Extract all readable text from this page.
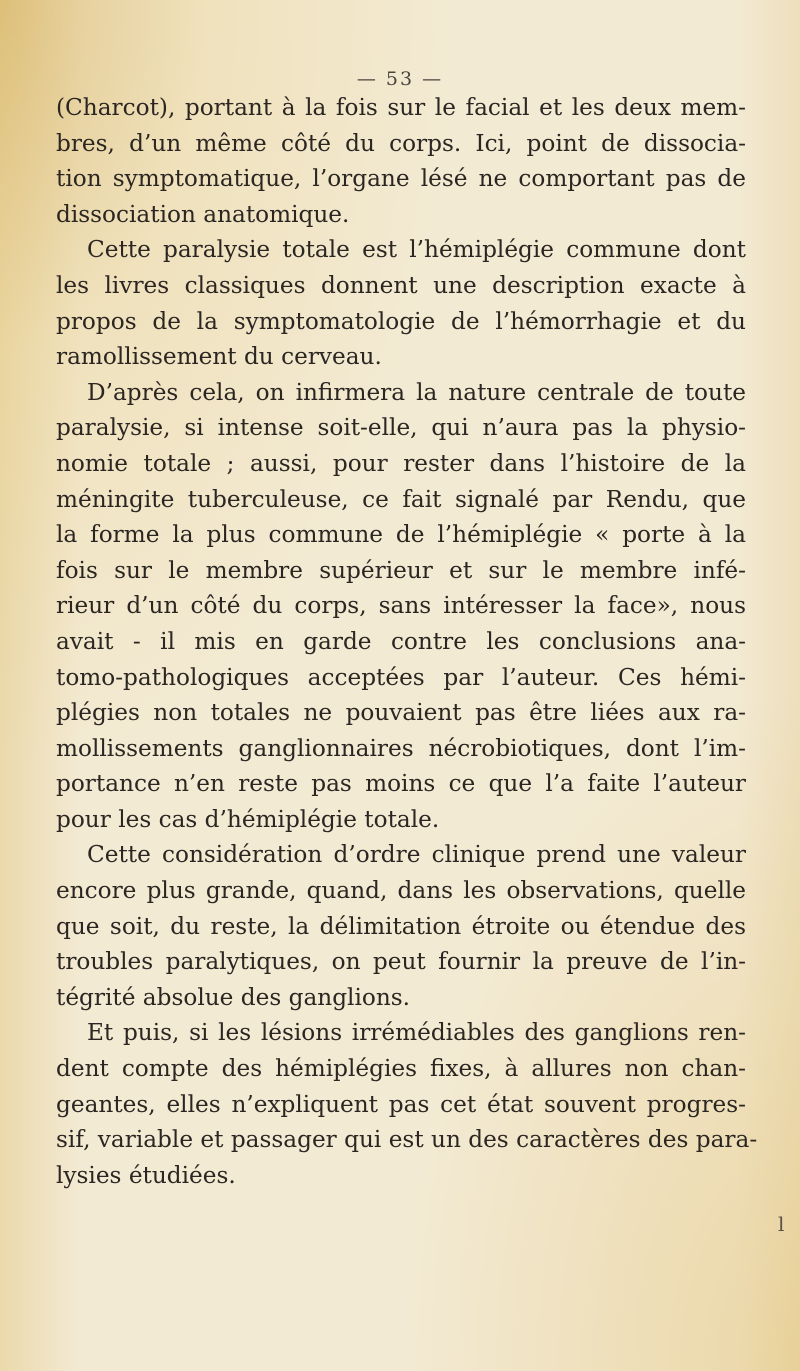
— 53 —
(Charcot), portant à la fois sur le facial et les deux mem-
bres, d’un même côté du corps. Ici, point de dissocia-
tion symptomatique, l’organe lésé ne comportant pas de
dissociation anatomique.
Cette paralysie totale est l’hémiplégie commune dont
les livres classiques donnent une description exacte à
propos de la symptomatologie de l’hémorrhagie et du
ramollissement du cerveau.
D’après cela, on infirmera la nature centrale de toute
paralysie, si intense soit-elle, qui n’aura pas la physio-
nomie totale ; aussi, pour rester dans l’histoire de la
méningite tuberculeuse, ce fait signalé par Rendu, que
la forme la plus commune de l’hémiplégie « porte à la
fois sur le membre supérieur et sur le membre infé-
rieur d’un côté du corps, sans intéresser la face», nous
avait - il mis en garde contre les conclusions ana-
tomo-pathologiques acceptées par l’auteur. Ces hémi-
plégies non totales ne pouvaient pas être liées aux ra-
mollissements ganglionnaires nécrobiotiques, dont l’im-
portance n’en reste pas moins ce que l’a faite l’auteur
pour les cas d’hémiplégie totale.
Cette considération d’ordre clinique prend une valeur
encore plus grande, quand, dans les observations, quelle
que soit, du reste, la délimitation étroite ou étendue des
troubles paralytiques, on peut fournir la preuve de l’in-
tégrité absolue des ganglions.
Et puis, si les lésions irrémédiables des ganglions ren-
dent compte des hémiplégies fixes, à allures non chan-
geantes, elles n’expliquent pas cet état souvent progres-
sif, variable et passager qui est un des caractères des para-
lysies étudiées.
l
